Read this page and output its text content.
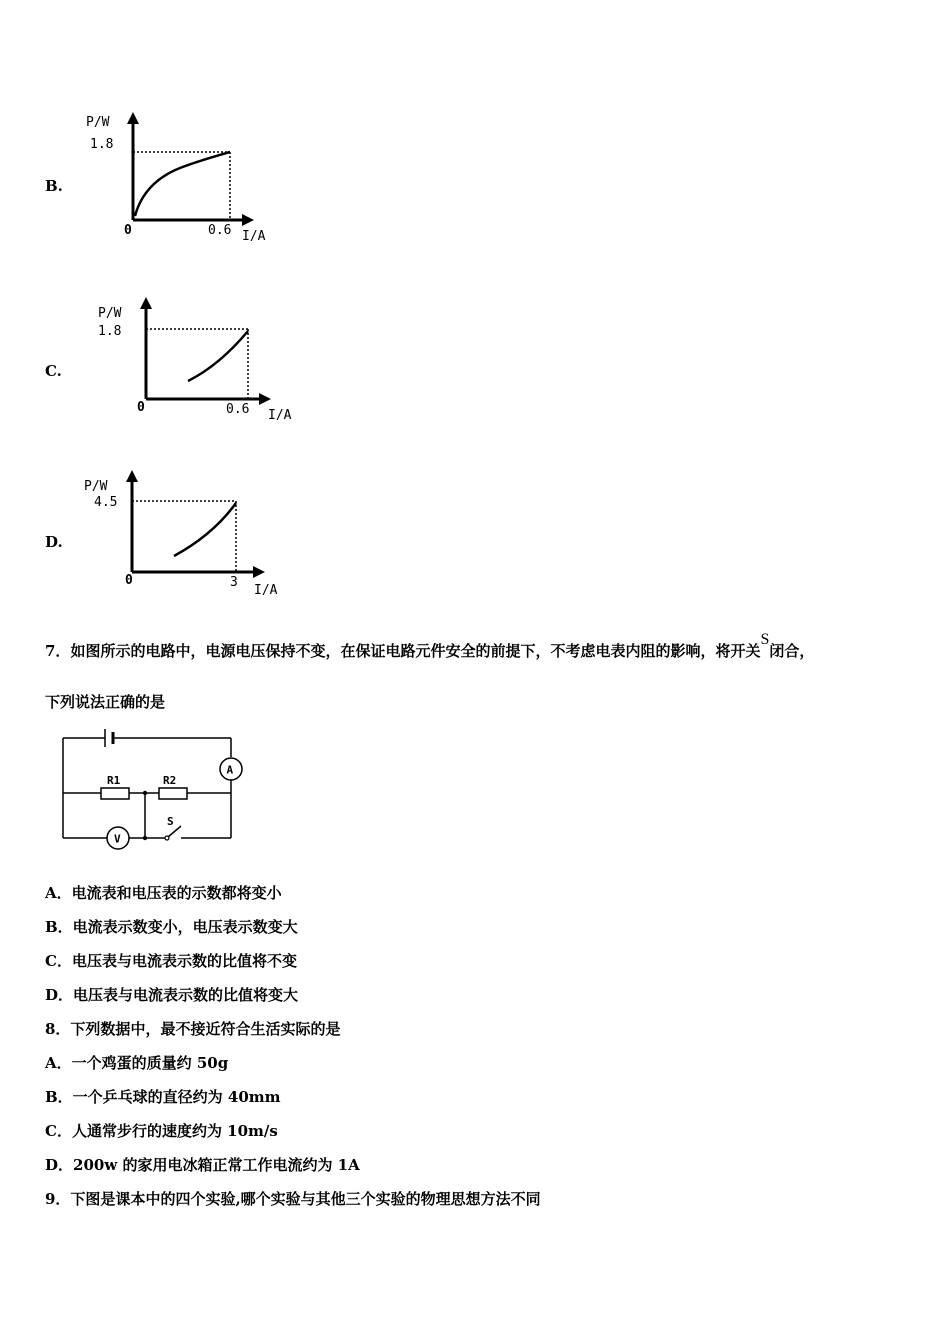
B.
P/W
1.8
0	0.6 I/A
C.
P/W
1.8
0	0.6 I/A
D.
P/W
4.5
0	3
I/A
7．如图所示的电路中，电源电压保持不变，在保证电路元件安全的前提下，不考虑电表内阻的影响，将开关S闭合，
下列说法正确的是
A
R1	R2
V
S
A．电流表和电压表的示数都将变小
B．电流表示数变小，电压表示数变大
C．电压表与电流表示数的比值将不变
D．电压表与电流表示数的比值将变大
8．下列数据中，最不接近符合生活实际的是
A．一个鸡蛋的质量约 50g
B．一个乒乓球的直径约为 40mm
C．人通常步行的速度约为 10m/s
D．200w 的家用电冰箱正常工作电流约为 1A
9．下图是课本中的四个实验,哪个实验与其他三个实验的物理思想方法不同
